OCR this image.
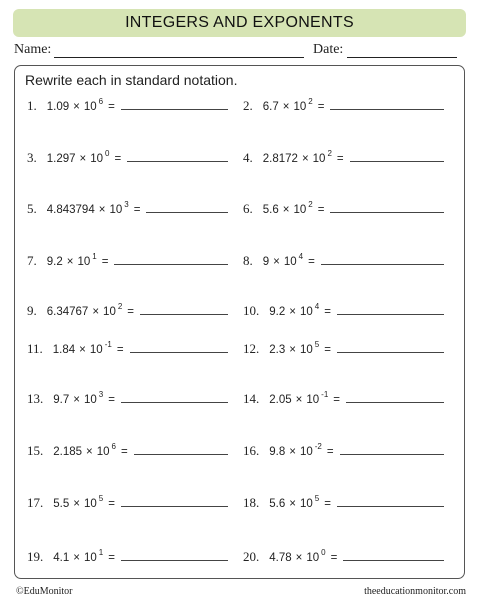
INTEGERS AND EXPONENTS
Name:	Date:
Rewrite each in standard notation.
1. 1.09 × 10 $^6$ =	2. 6.7 × 10 $^2$ =
3. 1.297 × 10 $^0$ =	4. 2.8172 × 10 $^2$ =
5. 4.843794 × 10 $^3$ =	6. 5.6 × 10 $^2$ =
7. 9.2 × 10 $^1$ =	8. 9 × 10 $^4$ =
9. 6.34767 × 10 $^2$ =	10. 9.2 × 10 $^4$ =
11. 1.84 × 10 $^{-1}$ =	12. 2.3 × 10 $^5$ =
13. 9.7 × 10 $^3$ =	14. 2.05 × 10 $^{-1}$ =
15. 2.185 × 10 $^6$ =	16. 9.8 × 10 $^{-2}$ =
17. 5.5 × 10 $^5$ =	18. 5.6 × 10 $^5$ =
19. 4.1 × 10 $^1$ =	20. 4.78 × 10 $^0$ =
©EduMonitor	theeducationmonitor.com
